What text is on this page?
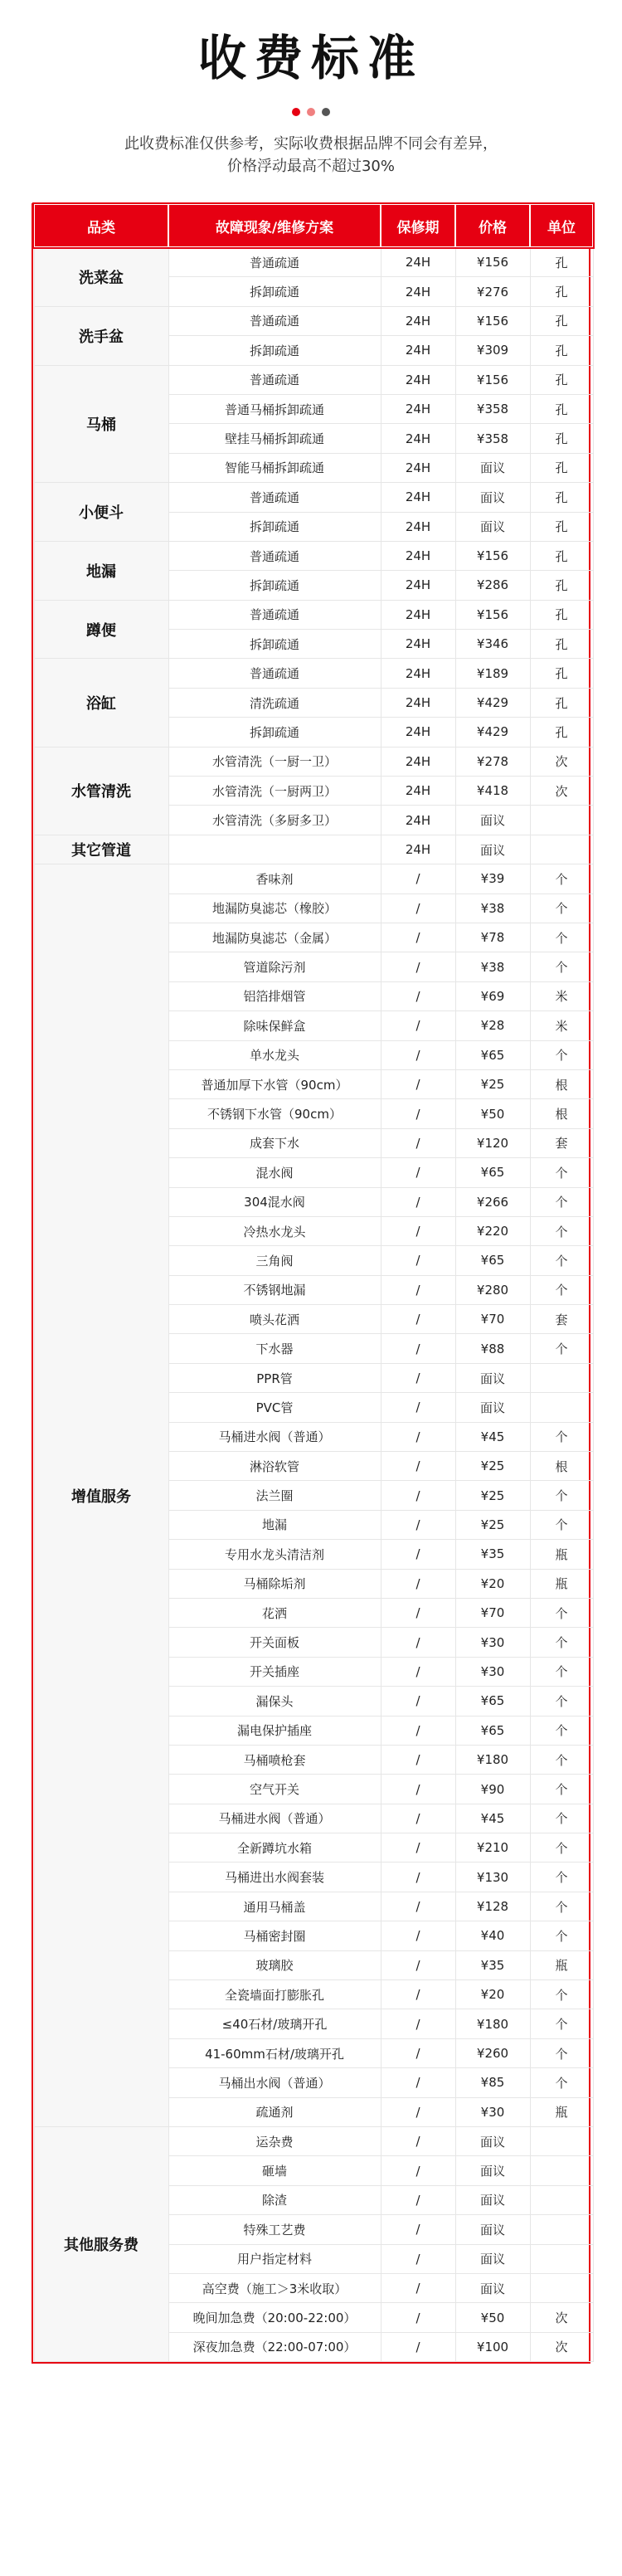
收费标准
此收费标准仅供参考，实际收费根据品牌不同会有差异，
价格浮动最高不超过30%
品类	故障现象/维修方案	保修期	价格	单位
洗菜盆	普通疏通	24H	¥156	孔
	拆卸疏通	24H	¥276	孔
洗手盆	普通疏通	24H	¥156	孔
	拆卸疏通	24H	¥309	孔
马桶	普通疏通	24H	¥156	孔
	普通马桶拆卸疏通	24H	¥358	孔
	壁挂马桶拆卸疏通	24H	¥358	孔
	智能马桶拆卸疏通	24H	面议	孔
小便斗	普通疏通	24H	面议	孔
	拆卸疏通	24H	面议	孔
地漏	普通疏通	24H	¥156	孔
	拆卸疏通	24H	¥286	孔
蹲便	普通疏通	24H	¥156	孔
	拆卸疏通	24H	¥346	孔
浴缸	普通疏通	24H	¥189	孔
	清洗疏通	24H	¥429	孔
	拆卸疏通	24H	¥429	孔
水管清洗	水管清洗（一厨一卫）	24H	¥278	次
	水管清洗（一厨两卫）	24H	¥418	次
	水管清洗（多厨多卫）	24H	面议	
其它管道		24H	面议	
增值服务	香味剂	/	¥39	个
	地漏防臭滤芯（橡胶）	/	¥38	个
	地漏防臭滤芯（金属）	/	¥78	个
	管道除污剂	/	¥38	个
	铝箔排烟管	/	¥69	米
	除味保鲜盒	/	¥28	米
	单水龙头	/	¥65	个
	普通加厚下水管（90cm）	/	¥25	根
	不锈钢下水管（90cm）	/	¥50	根
	成套下水	/	¥120	套
	混水阀	/	¥65	个
	304混水阀	/	¥266	个
	冷热水龙头	/	¥220	个
	三角阀	/	¥65	个
	不锈钢地漏	/	¥280	个
	喷头花洒	/	¥70	套
	下水器	/	¥88	个
	PPR管	/	面议	
	PVC管	/	面议	
	马桶进水阀（普通）	/	¥45	个
	淋浴软管	/	¥25	根
	法兰圈	/	¥25	个
	地漏	/	¥25	个
	专用水龙头清洁剂	/	¥35	瓶
	马桶除垢剂	/	¥20	瓶
	花洒	/	¥70	个
	开关面板	/	¥30	个
	开关插座	/	¥30	个
	漏保头	/	¥65	个
	漏电保护插座	/	¥65	个
	马桶喷枪套	/	¥180	个
	空气开关	/	¥90	个
	马桶进水阀（普通）	/	¥45	个
	全新蹲坑水箱	/	¥210	个
	马桶进出水阀套装	/	¥130	个
	通用马桶盖	/	¥128	个
	马桶密封圈	/	¥40	个
	玻璃胶	/	¥35	瓶
	全瓷墙面打膨胀孔	/	¥20	个
	≤40石材/玻璃开孔	/	¥180	个
	41-60mm石材/玻璃开孔	/	¥260	个
	马桶出水阀（普通）	/	¥85	个
	疏通剂	/	¥30	瓶
其他服务费	运杂费	/	面议	
	砸墙	/	面议	
	除渣	/	面议	
	特殊工艺费	/	面议	
	用户指定材料	/	面议	
	高空费（施工＞3米收取）	/	面议	
	晚间加急费（20:00-22:00）	/	¥50	次
	深夜加急费（22:00-07:00）	/	¥100	次
